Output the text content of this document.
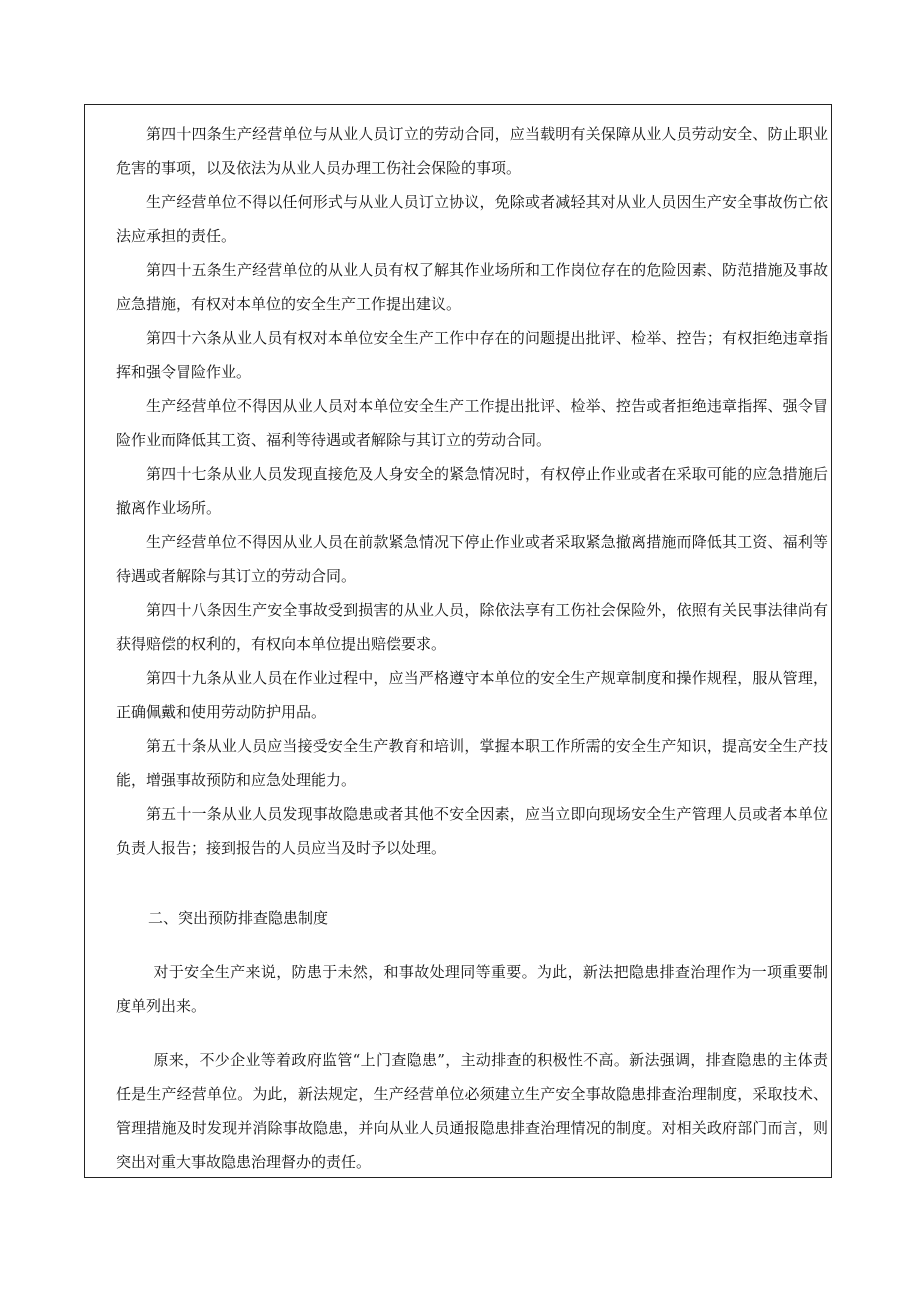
第四十四条生产经营单位与从业人员订立的劳动合同，应当载明有关保障从业人员劳动安全、防止职业危害的事项，以及依法为从业人员办理工伤社会保险的事项。

生产经营单位不得以任何形式与从业人员订立协议，免除或者减轻其对从业人员因生产安全事故伤亡依法应承担的责任。

第四十五条生产经营单位的从业人员有权了解其作业场所和工作岗位存在的危险因素、防范措施及事故应急措施，有权对本单位的安全生产工作提出建议。

第四十六条从业人员有权对本单位安全生产工作中存在的问题提出批评、检举、控告；有权拒绝违章指挥和强令冒险作业。

生产经营单位不得因从业人员对本单位安全生产工作提出批评、检举、控告或者拒绝违章指挥、强令冒险作业而降低其工资、福利等待遇或者解除与其订立的劳动合同。

第四十七条从业人员发现直接危及人身安全的紧急情况时，有权停止作业或者在采取可能的应急措施后撤离作业场所。

生产经营单位不得因从业人员在前款紧急情况下停止作业或者采取紧急撤离措施而降低其工资、福利等待遇或者解除与其订立的劳动合同。

第四十八条因生产安全事故受到损害的从业人员，除依法享有工伤社会保险外，依照有关民事法律尚有获得赔偿的权利的，有权向本单位提出赔偿要求。

第四十九条从业人员在作业过程中，应当严格遵守本单位的安全生产规章制度和操作规程，服从管理，正确佩戴和使用劳动防护用品。

第五十条从业人员应当接受安全生产教育和培训，掌握本职工作所需的安全生产知识，提高安全生产技能，增强事故预防和应急处理能力。

第五十一条从业人员发现事故隐患或者其他不安全因素，应当立即向现场安全生产管理人员或者本单位负责人报告；接到报告的人员应当及时予以处理。

二、突出预防排查隐患制度

对于安全生产来说，防患于未然，和事故处理同等重要。为此，新法把隐患排查治理作为一项重要制度单列出来。

原来，不少企业等着政府监管“上门查隐患”，主动排查的积极性不高。新法强调，排查隐患的主体责任是生产经营单位。为此，新法规定，生产经营单位必须建立生产安全事故隐患排查治理制度，采取技术、管理措施及时发现并消除事故隐患，并向从业人员通报隐患排查治理情况的制度。对相关政府部门而言，则突出对重大事故隐患治理督办的责任。
